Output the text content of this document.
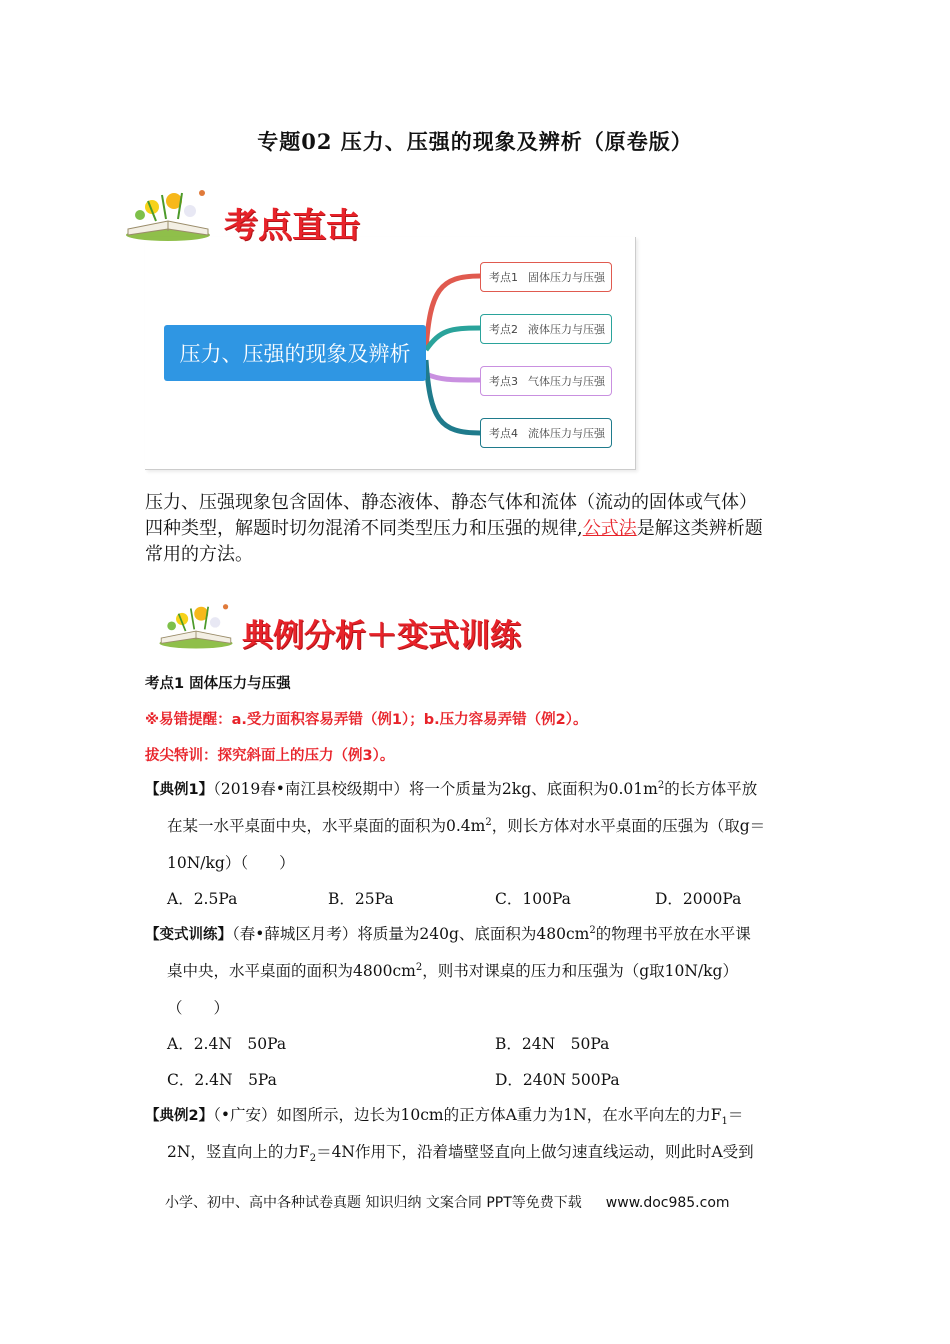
专题02 压力、压强的现象及辨析（原卷版）
考点直击
压力、压强的现象及辨析
考点1 固体压力与压强
考点2 液体压力与压强
考点3 气体压力与压强
考点4 流体压力与压强
压力、压强现象包含固体、静态液体、静态气体和流体（流动的固体或气体）
四种类型，解题时切勿混淆不同类型压力和压强的规律,公式法是解这类辨析题
常用的方法。
典例分析＋变式训练
考点1 固体压力与压强
※易错提醒：a.受力面积容易弄错（例1）；b.压力容易弄错（例2）。
拔尖特训：探究斜面上的压力（例3）。
【典例1】（2019春•南江县校级期中）将一个质量为2kg、底面积为$0.01m^2$的长方体平放
在某一水平桌面中央，水平桌面的面积为$0.4m^2$，则长方体对水平桌面的压强为（取g＝
10N/kg）（　　）
A．2.5Pa	B．25Pa	C．100Pa	D．2000Pa
【变式训练】（春•薛城区月考）将质量为240g、底面积为$480cm^2$的物理书平放在水平课
桌中央，水平桌面的面积为$4800cm^2$，则书对课桌的压力和压强为（g取10N/kg）
（　　）
A．2.4N　50Pa	B．24N　50Pa
C．2.4N　5Pa	D．240N 500Pa
【典例2】（•广安）如图所示，边长为10cm的正方体A重力为1N，在水平向左的力$F_1=$
2N，竖直向上的力$F_2=4N$作用下，沿着墙壁竖直向上做匀速直线运动，则此时A受到
小学、初中、高中各种试卷真题 知识归纳 文案合同 PPT等免费下载 www.doc985.com
